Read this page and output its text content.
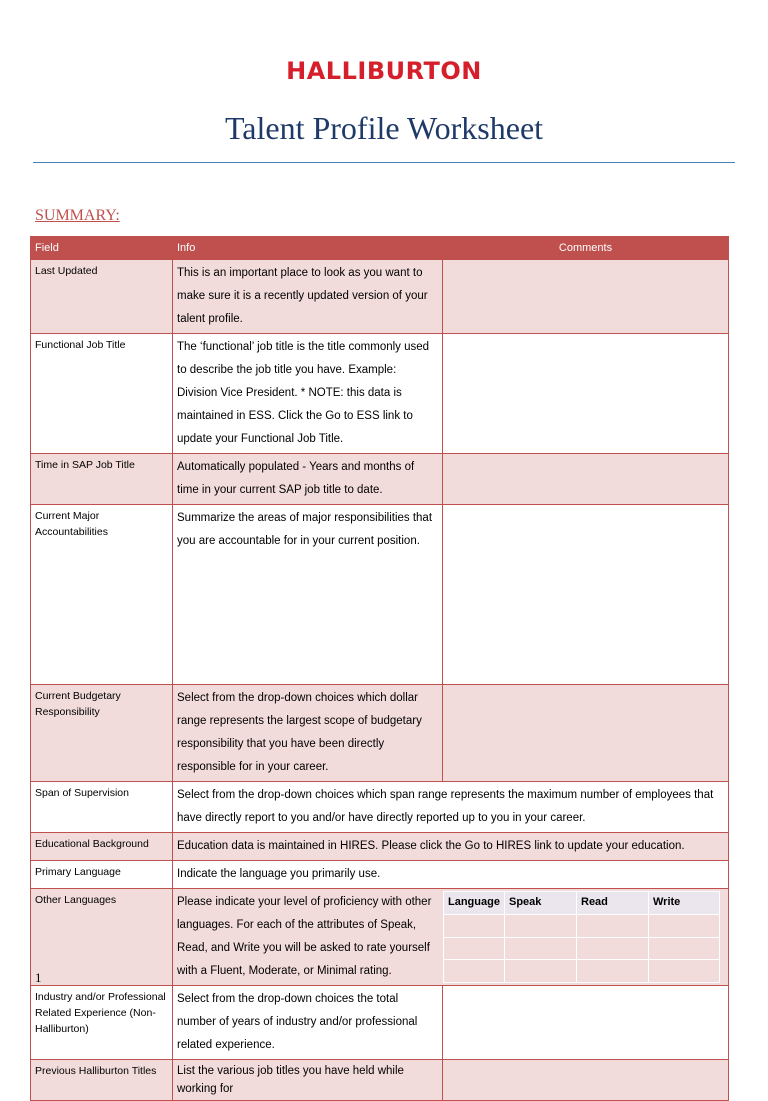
HALLIBURTON
Talent Profile Worksheet
SUMMARY:
Field	Info	Comments
Last Updated	This is an important place to look as you want to make sure it is a recently updated version of your talent profile.	
Functional Job Title	The ‘functional’ job title is the title commonly used to describe the job title you have. Example: Division Vice President. * NOTE: this data is maintained in ESS. Click the Go to ESS link to update your Functional Job Title.	
Time in SAP Job Title	Automatically populated - Years and months of time in your current SAP job title to date.	
Current Major Accountabilities	Summarize the areas of major responsibilities that you are accountable for in your current position.	
Current Budgetary Responsibility	Select from the drop-down choices which dollar range represents the largest scope of budgetary responsibility that you have been directly responsible for in your career.	
Span of Supervision	Select from the drop-down choices which span range represents the maximum number of employees that have directly report to you and/or have directly reported up to you in your career.
Educational Background	Education data is maintained in HIRES. Please click the Go to HIRES link to update your education.
Primary Language	Indicate the language you primarily use.
Other Languages	Please indicate your level of proficiency with other languages. For each of the attributes of Speak, Read, and Write you will be asked to rate yourself with a Fluent, Moderate, or Minimal rating.
Language	Speak	Read	Write

Industry and/or Professional Related Experience (Non-Halliburton)	Select from the drop-down choices the total number of years of industry and/or professional related experience.	
Previous Halliburton Titles	List the various job titles you have held while working for	
1
